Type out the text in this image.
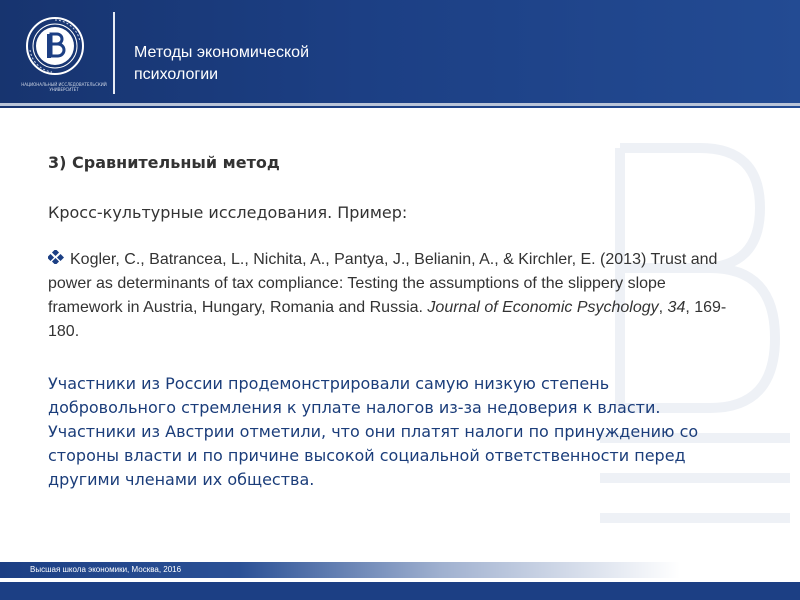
НАЦИОНАЛЬНЫЙ ИССЛЕДОВАТЕЛЬСКИЙ УНИВЕРСИТЕТ
Методы экономической
психологии
3) Сравнительный метод
Кросс-культурные исследования. Пример:
Kogler, C., Batrancea, L., Nichita, A., Pantya, J., Belianin, A., & Kirchler, E. (2013) Trust and power as determinants of tax compliance: Testing the assumptions of the slippery slope framework in Austria, Hungary, Romania and Russia. Journal of Economic Psychology, 34, 169-180.
Участники из России продемонстрировали самую низкую степень добровольного стремления к уплате налогов из-за недоверия к власти. Участники из Австрии отметили, что они платят налоги по принуждению со стороны власти и по причине высокой социальной ответственности перед другими членами их общества.
Высшая школа экономики, Москва, 2016
